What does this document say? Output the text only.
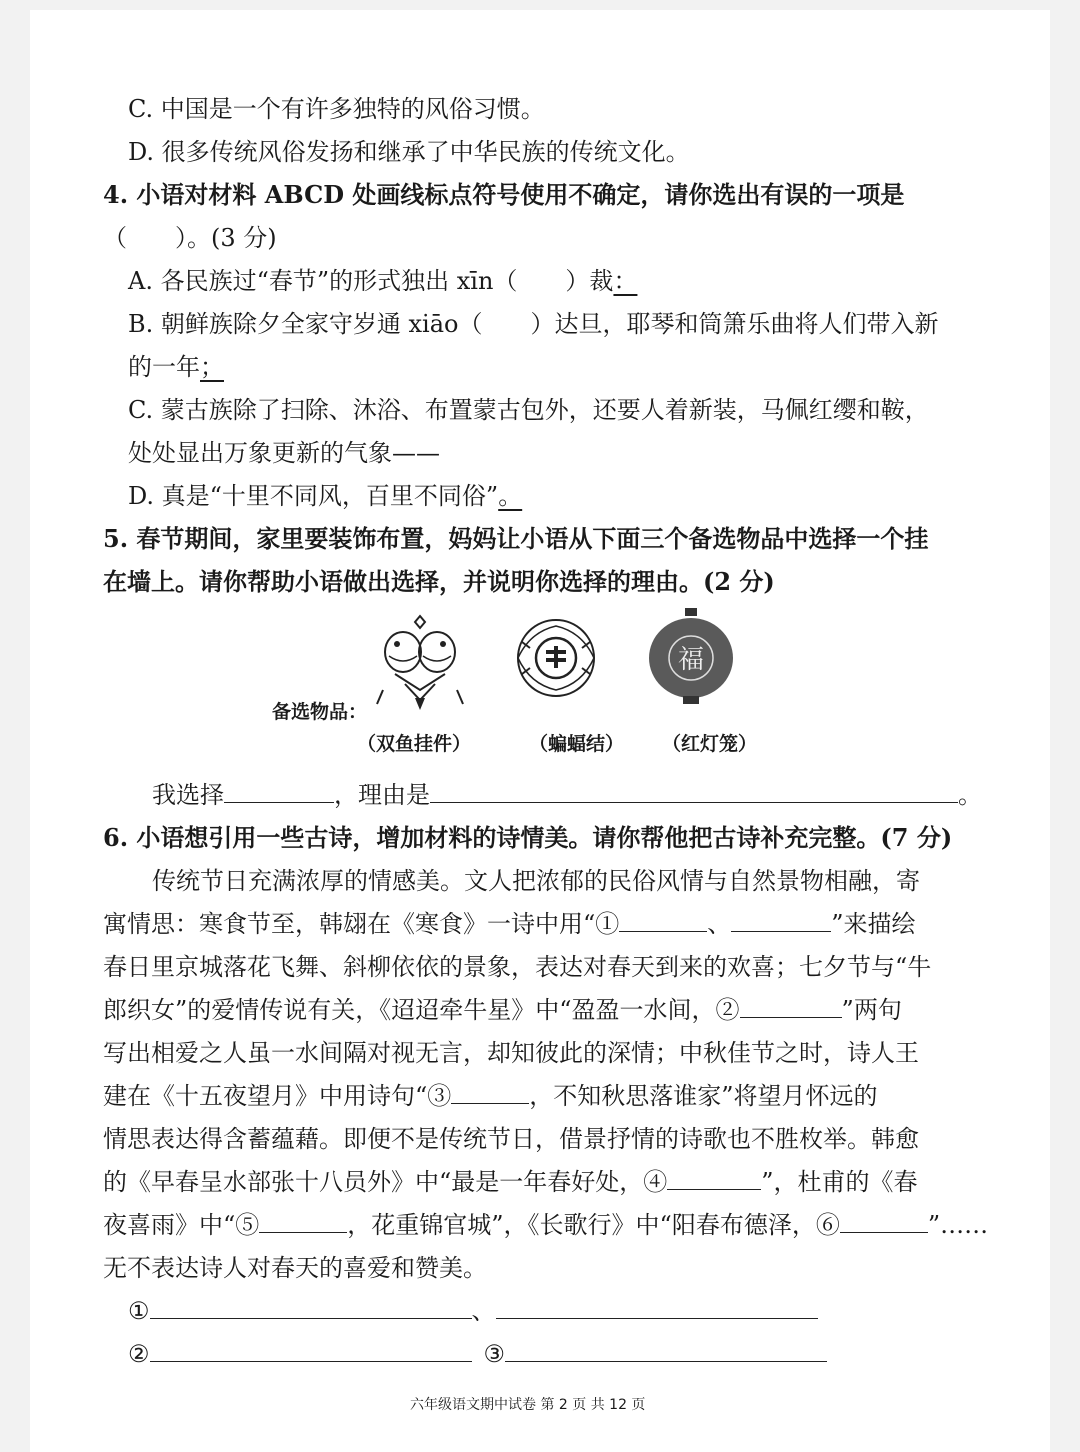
C. 中国是一个有许多独特的风俗习惯。
D. 很多传统风俗发扬和继承了中华民族的传统文化。
4. 小语对材料 ABCD 处画线标点符号使用不确定，请你选出有误的一项是
（　　）。(3 分)
A. 各民族过“春节”的形式独出 xīn（　　）裁：
B. 朝鲜族除夕全家守岁通 xiāo（　　）达旦，耶琴和筒箫乐曲将人们带入新
的一年；
C. 蒙古族除了扫除、沐浴、布置蒙古包外，还要人着新装，马佩红缨和鞍，
处处显出万象更新的气象——
D. 真是“十里不同风，百里不同俗”。
5. 春节期间，家里要装饰布置，妈妈让小语从下面三个备选物品中选择一个挂
在墙上。请你帮助小语做出选择，并说明你选择的理由。(2 分)
福
备选物品：
（双鱼挂件）	（蝙蝠结） （红灯笼）
我选择	，理由是	。
6. 小语想引用一些古诗，增加材料的诗情美。请你帮他把古诗补充完整。(7 分)
传统节日充满浓厚的情感美。文人把浓郁的民俗风情与自然景物相融，寄
寓情思：寒食节至，韩翃在《寒食》一诗中用“①	、	”来描绘
春日里京城落花飞舞、斜柳依依的景象，表达对春天到来的欢喜；七夕节与“牛
郎织女”的爱情传说有关，《迢迢牵牛星》中“盈盈一水间，②	”两句
写出相爱之人虽一水间隔对视无言，却知彼此的深情；中秋佳节之时，诗人王
建在《十五夜望月》中用诗句“③	，不知秋思落谁家”将望月怀远的
情思表达得含蓄蕴藉。即便不是传统节日，借景抒情的诗歌也不胜枚举。韩愈
的《早春呈水部张十八员外》中“最是一年春好处，④	”，杜甫的《春
夜喜雨》中“⑤	，花重锦官城”，《长歌行》中“阳春布德泽，⑥	”……
无不表达诗人对春天的喜爱和赞美。
①	、
②	③
六年级语文期中试卷 第 2 页 共 12 页
